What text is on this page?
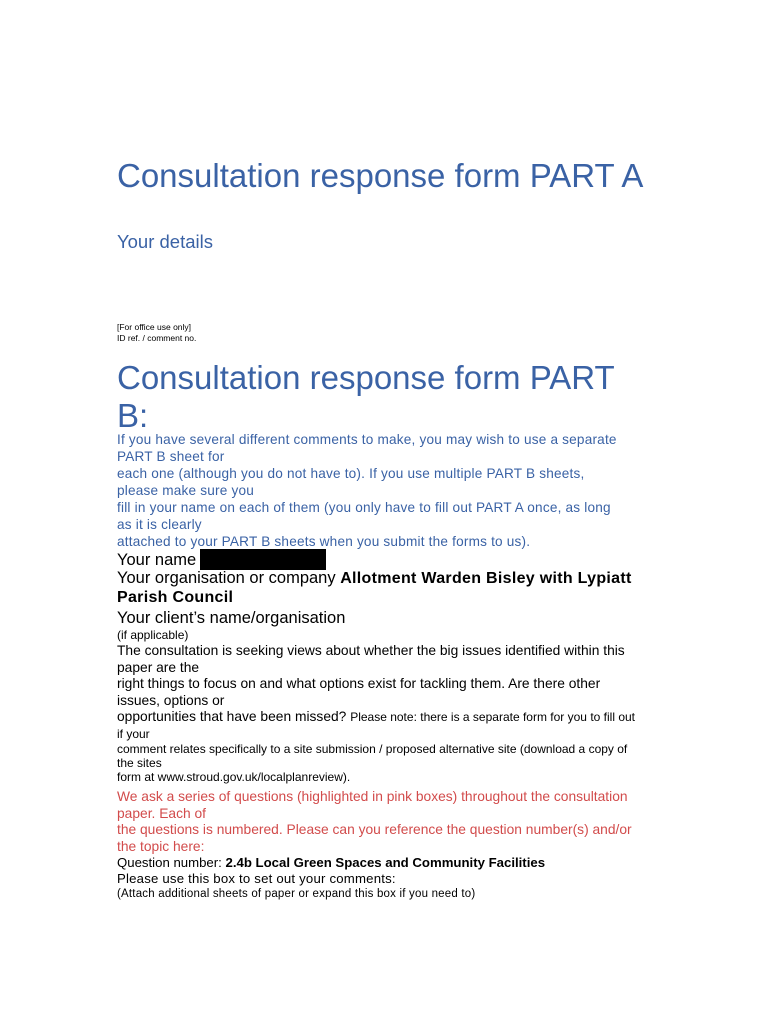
Consultation response form PART A
Your details
[For office use only]
ID ref. / comment no.
Consultation response form PART B:

If you have several different comments to make, you may wish to use a separate PART B sheet for

each one (although you do not have to). If you use multiple PART B sheets, please make sure you

fill in your name on each of them (you only have to fill out PART A once, as long as it is clearly

attached to your PART B sheets when you submit the forms to us).

Your name
Your organisation or company Allotment Warden Bisley with Lypiatt Parish Council
Your client’s name/organisation
(if applicable)

The consultation is seeking views about whether the big issues identified within this paper are the

right things to focus on and what options exist for tackling them. Are there other issues, options or

opportunities that have been missed? Please note: there is a separate form for you to fill out if your

comment relates specifically to a site submission / proposed alternative site (download a copy of the sites

form at www.stroud.gov.uk/localplanreview).

We ask a series of questions (highlighted in pink boxes) throughout the consultation paper. Each of

the questions is numbered. Please can you reference the question number(s) and/or the topic here:

Question number: 2.4b Local Green Spaces and Community Facilities
Please use this box to set out your comments:
(Attach additional sheets of paper or expand this box if you need to)
